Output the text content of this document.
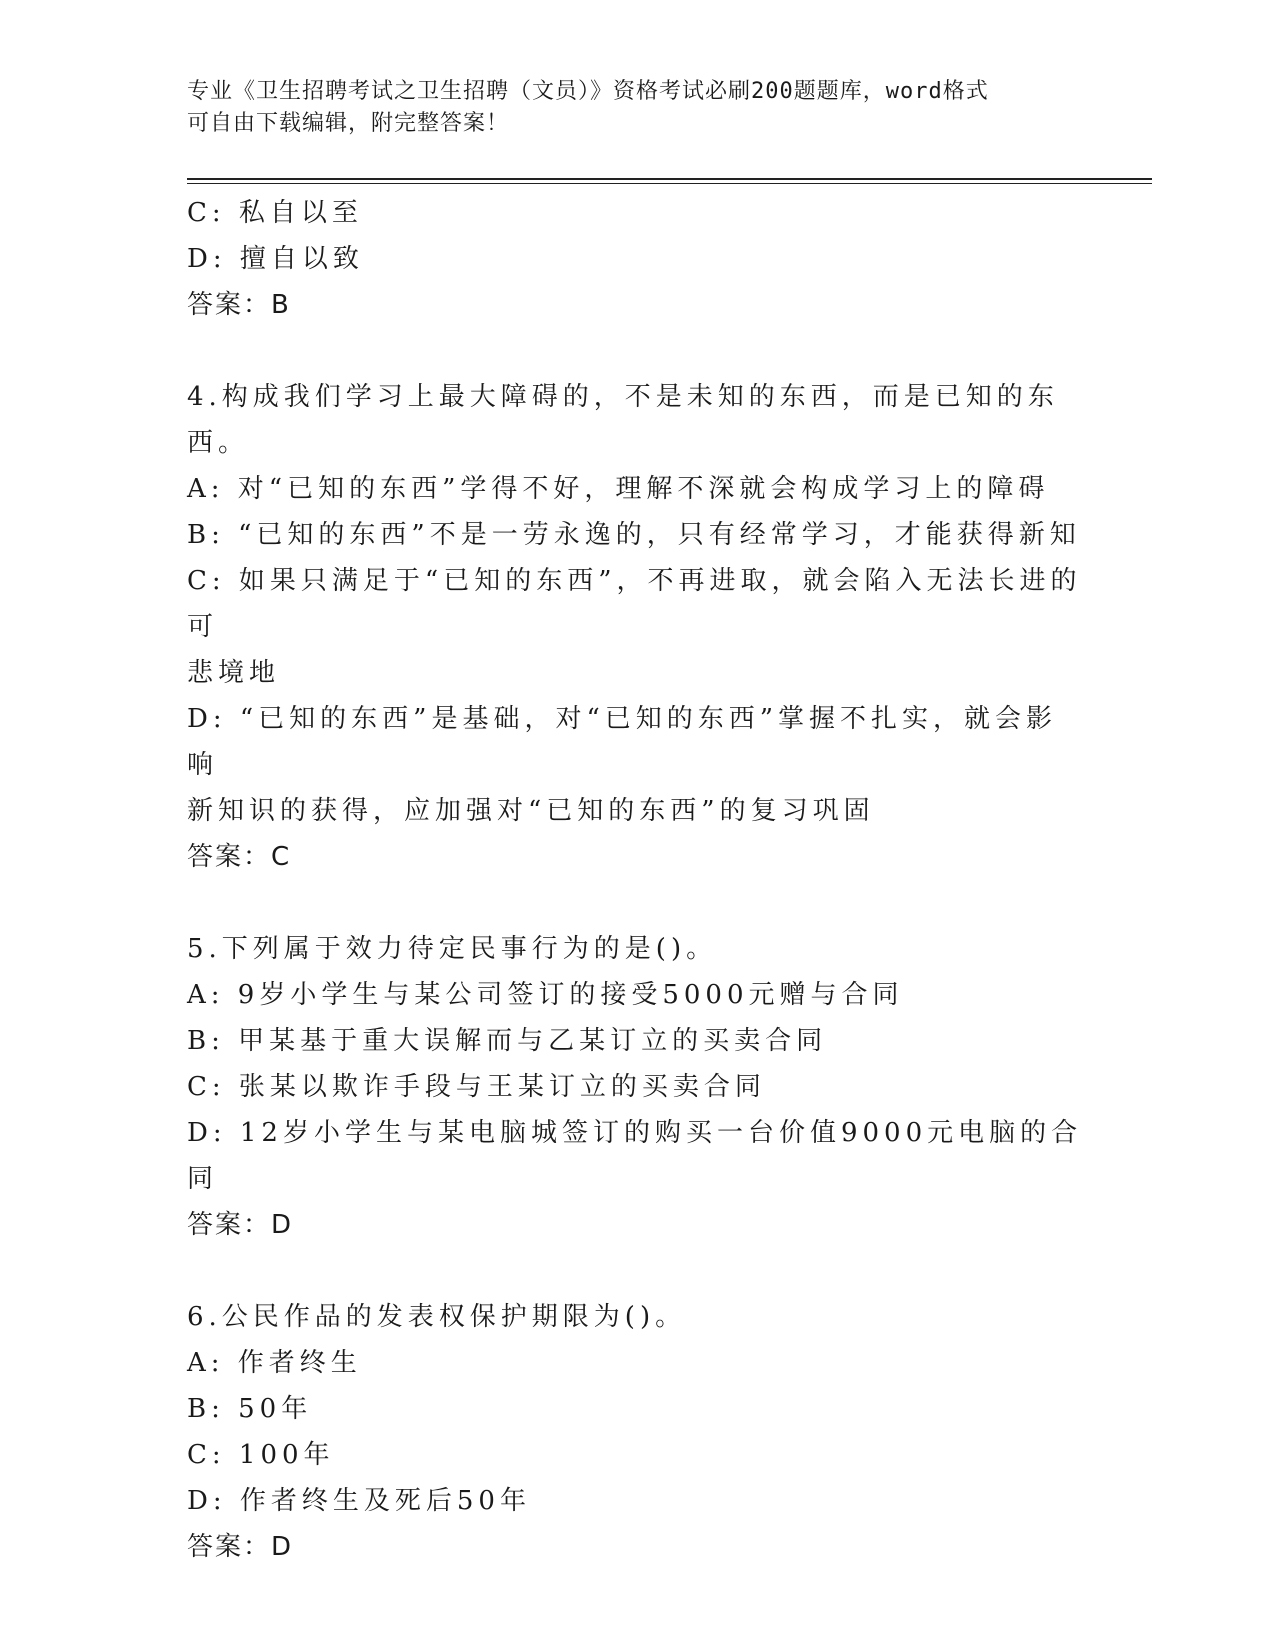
专业《卫生招聘考试之卫生招聘（文员）》资格考试必刷200题题库，word格式
可自由下载编辑，附完整答案！
C: 私自以至
D: 擅自以致
答案：B
4.构成我们学习上最大障碍的，不是未知的东西，而是已知的东西。
A: 对“已知的东西”学得不好，理解不深就会构成学习上的障碍
B: “已知的东西”不是一劳永逸的，只有经常学习，才能获得新知
C: 如果只满足于“已知的东西”，不再进取，就会陷入无法长进的可
悲境地
D: “已知的东西”是基础，对“已知的东西”掌握不扎实，就会影响
新知识的获得，应加强对“已知的东西”的复习巩固
答案：C
5.下列属于效力待定民事行为的是()。
A: 9岁小学生与某公司签订的接受5000元赠与合同
B: 甲某基于重大误解而与乙某订立的买卖合同
C: 张某以欺诈手段与王某订立的买卖合同
D: 12岁小学生与某电脑城签订的购买一台价值9000元电脑的合同
答案：D
6.公民作品的发表权保护期限为()。
A: 作者终生
B: 50年
C: 100年
D: 作者终生及死后50年
答案：D
